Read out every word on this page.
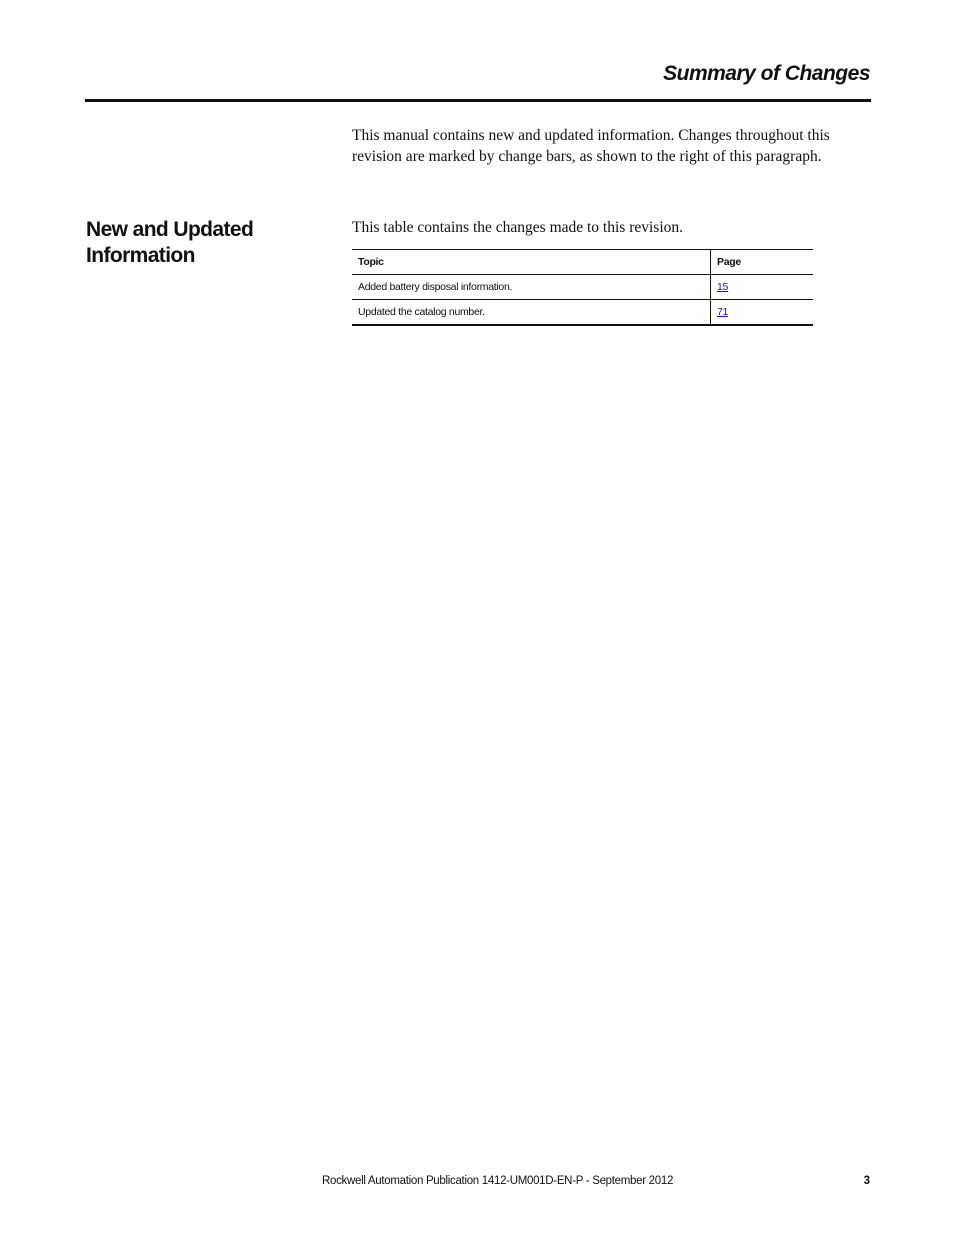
Summary of Changes

This manual contains new and updated information. Changes throughout this revision are marked by change bars, as shown to the right of this paragraph.

New and Updated Information

This table contains the changes made to this revision.

Topic	Page
Added battery disposal information.	15
Updated the catalog number.	71
Rockwell Automation Publication 1412-UM001D-EN-P - September 2012	3
